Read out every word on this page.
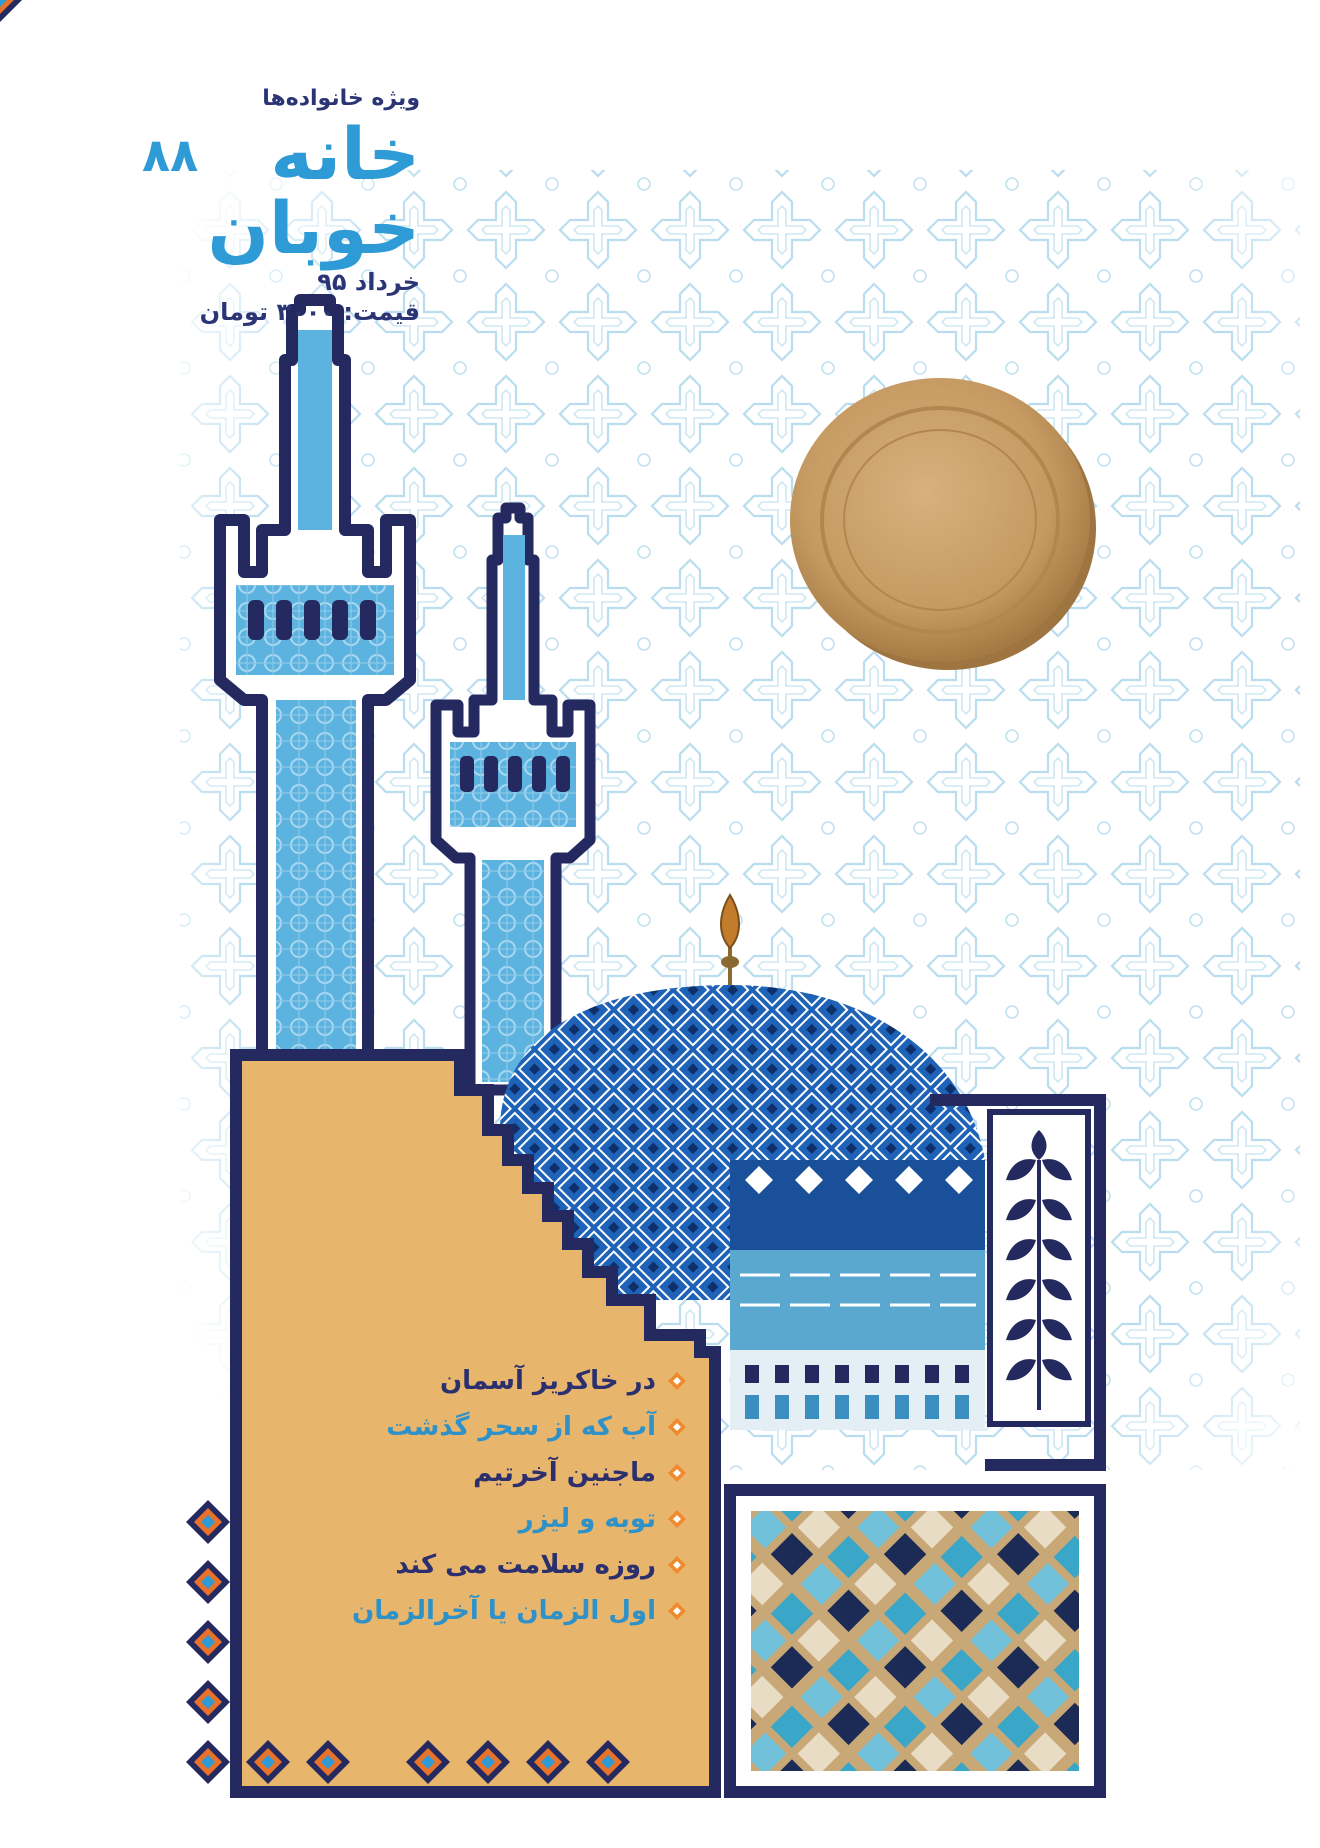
ویژه خانواده‌ها
خانه
خوبان
۸۸
خرداد ۹۵
قیمت: ۳۰۰۰ تومان
در خاکریز آسمان
آب که از سحر گذشت
ماجنین آخرتیم
توبه و لیزر
روزه سلامت می کند
اول الزمان یا آخرالزمان
